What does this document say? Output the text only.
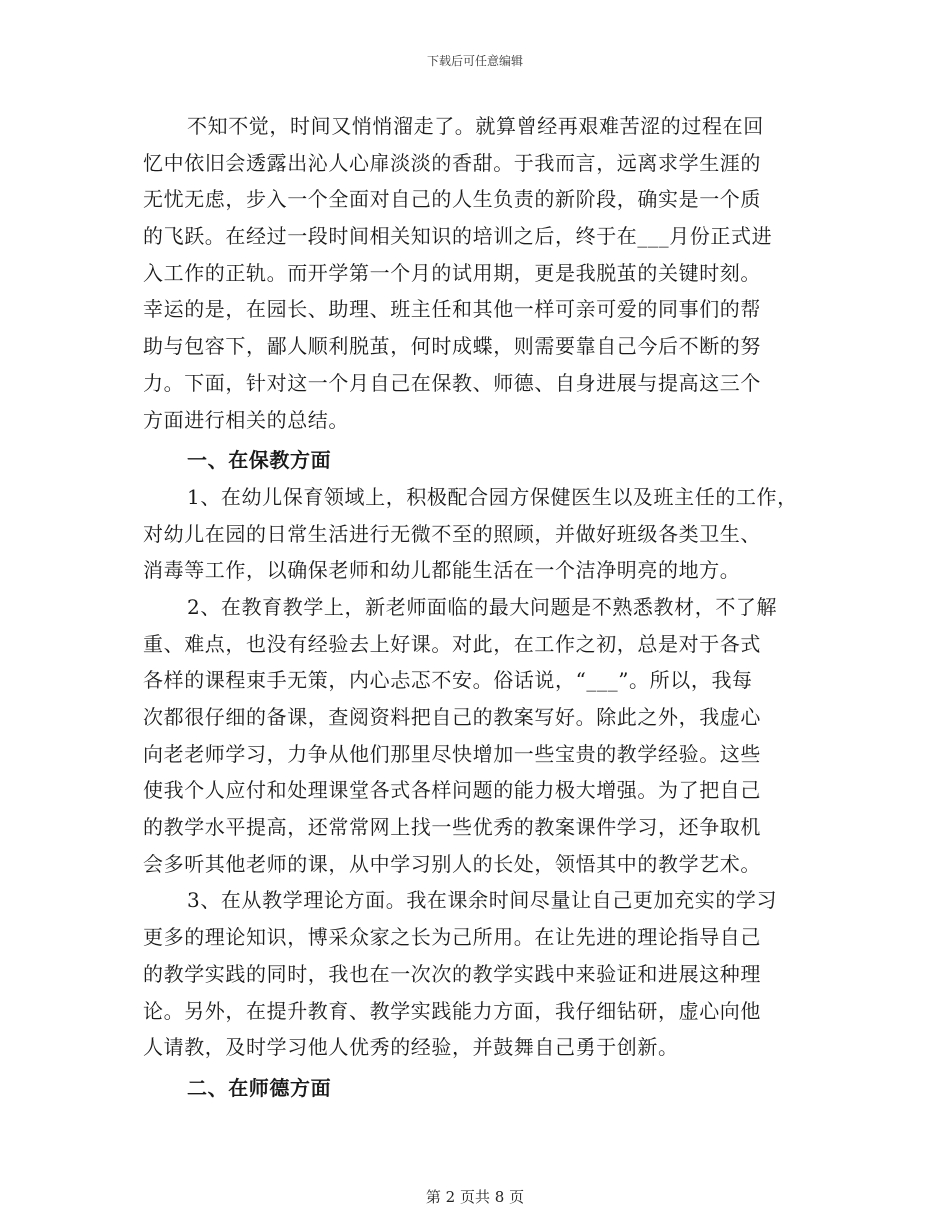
下载后可任意编辑
不知不觉，时间又悄悄溜走了。就算曾经再艰难苦涩的过程在回
忆中依旧会透露出沁人心扉淡淡的香甜。于我而言，远离求学生涯的
无忧无虑，步入一个全面对自己的人生负责的新阶段，确实是一个质
的飞跃。在经过一段时间相关知识的培训之后，终于在___月份正式进
入工作的正轨。而开学第一个月的试用期，更是我脱茧的关键时刻。
幸运的是，在园长、助理、班主任和其他一样可亲可爱的同事们的帮
助与包容下，鄙人顺利脱茧，何时成蝶，则需要靠自己今后不断的努
力。下面，针对这一个月自己在保教、师德、自身进展与提高这三个
方面进行相关的总结。
一、在保教方面
1、在幼儿保育领域上，积极配合园方保健医生以及班主任的工作，
对幼儿在园的日常生活进行无微不至的照顾，并做好班级各类卫生、
消毒等工作，以确保老师和幼儿都能生活在一个洁净明亮的地方。
2、在教育教学上，新老师面临的最大问题是不熟悉教材，不了解
重、难点，也没有经验去上好课。对此，在工作之初，总是对于各式
各样的课程束手无策，内心忐忑不安。俗话说，“___”。所以，我每
次都很仔细的备课，查阅资料把自己的教案写好。除此之外，我虚心
向老老师学习，力争从他们那里尽快增加一些宝贵的教学经验。这些
使我个人应付和处理课堂各式各样问题的能力极大增强。为了把自己
的教学水平提高，还常常网上找一些优秀的教案课件学习，还争取机
会多听其他老师的课，从中学习别人的长处，领悟其中的教学艺术。
3、在从教学理论方面。我在课余时间尽量让自己更加充实的学习
更多的理论知识，博采众家之长为己所用。在让先进的理论指导自己
的教学实践的同时，我也在一次次的教学实践中来验证和进展这种理
论。另外，在提升教育、教学实践能力方面，我仔细钻研，虚心向他
人请教，及时学习他人优秀的经验，并鼓舞自己勇于创新。
二、在师德方面
第 2 页共 8 页
